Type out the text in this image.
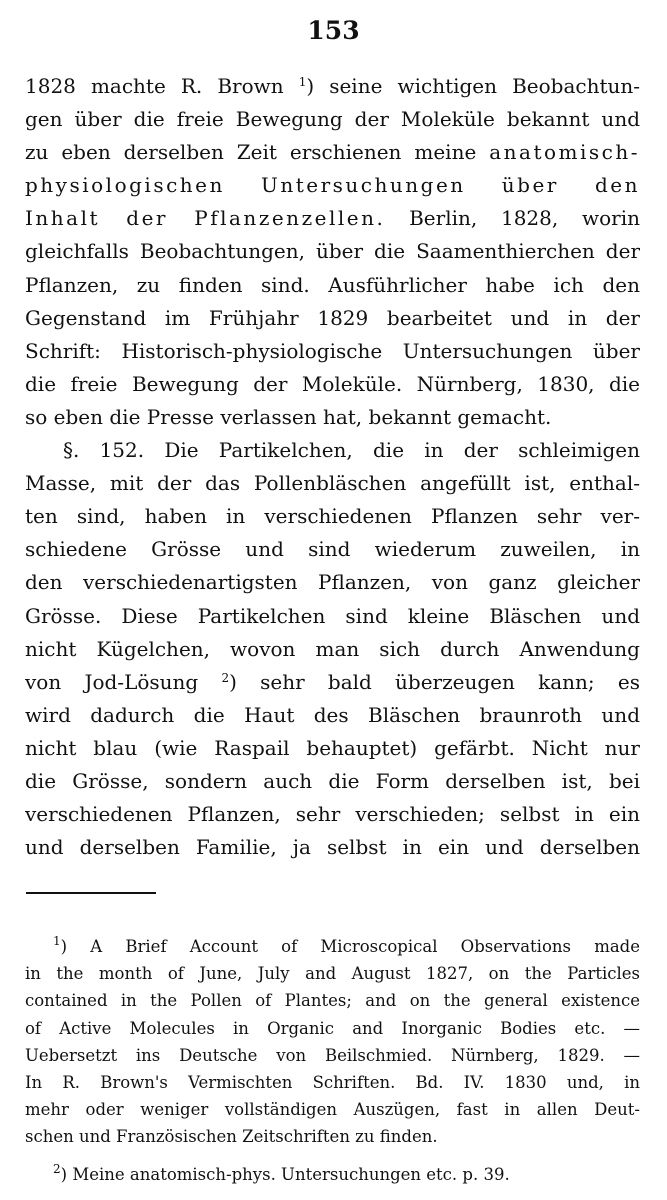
153
1828 machte R. Brown $^1$) seine wichtigen Beobachtun-
gen über die freie Bewegung der Moleküle bekannt und
zu eben derselben Zeit erschienen meine anatomisch-
physiologischen Untersuchungen über den
Inhalt der Pflanzenzellen. Berlin, 1828, worin
gleichfalls Beobachtungen, über die Saamenthierchen der
Pflanzen, zu finden sind. Ausführlicher habe ich den
Gegenstand im Frühjahr 1829 bearbeitet und in der
Schrift: Historisch-physiologische Untersuchungen über
die freie Bewegung der Moleküle. Nürnberg, 1830, die
so eben die Presse verlassen hat, bekannt gemacht.
§. 152. Die Partikelchen, die in der schleimigen
Masse, mit der das Pollenbläschen angefüllt ist, enthal-
ten sind, haben in verschiedenen Pflanzen sehr ver-
schiedene Grösse und sind wiederum zuweilen, in
den verschiedenartigsten Pflanzen, von ganz gleicher
Grösse. Diese Partikelchen sind kleine Bläschen und
nicht Kügelchen, wovon man sich durch Anwendung
von Jod-Lösung $^2$) sehr bald überzeugen kann; es
wird dadurch die Haut des Bläschen braunroth und
nicht blau (wie Raspail behauptet) gefärbt. Nicht nur
die Grösse, sondern auch die Form derselben ist, bei
verschiedenen Pflanzen, sehr verschieden; selbst in ein
und derselben Familie, ja selbst in ein und derselben
$^1$) A Brief Account of Microscopical Observations made
in the month of June, July and August 1827, on the Particles
contained in the Pollen of Plantes; and on the general existence
of Active Molecules in Organic and Inorganic Bodies etc. —
Uebersetzt ins Deutsche von Beilschmied. Nürnberg, 1829. —
In R. Brown's Vermischten Schriften. Bd. IV. 1830 und, in
mehr oder weniger vollständigen Auszügen, fast in allen Deut-
schen und Französischen Zeitschriften zu finden.
$^2$) Meine anatomisch-phys. Untersuchungen etc. p. 39.
